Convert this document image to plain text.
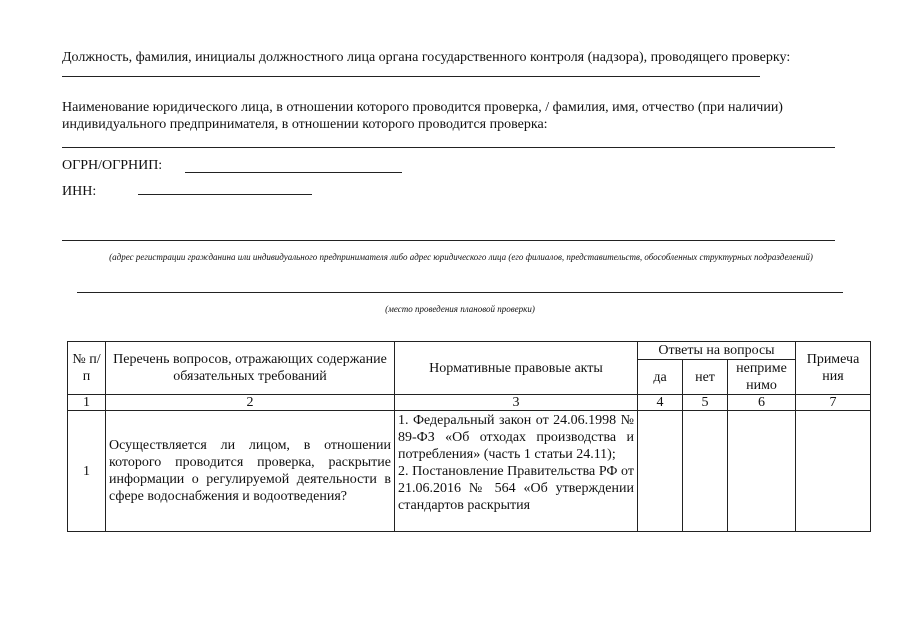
Должность, фамилия, инициалы должностного лица органа государственного контроля (надзора), проводящего проверку:
Наименование юридического лица, в отношении которого проводится проверка, / фамилия, имя, отчество (при наличии) индивидуального предпринимателя, в отношении которого проводится проверка:
ОГРН/ОГРНИП:
ИНН:
(адрес регистрации гражданина или индивидуального предпринимателя либо адрес юридического лица (его филиалов, представительств, обособленных структурных подразделений)
(место проведения плановой проверки)
№ п/п	Перечень вопросов, отражающих содержание обязательных требований	Нормативные правовые акты	Ответы на вопросы			Примеча ния
			да	нет	неприме нимо	
1	2	3	4	5	6	7
1	Осуществляется ли лицом, в отношении которого проводится проверка, раскрытие информации о регулируемой деятельности в сфере водоснабжения и водоотведения?	1. Федеральный закон от 24.06.1998 № 89-ФЗ «Об отходах производства и потребления» (часть 1 статьи 24.11);
2. Постановление Правительства РФ от 21.06.2016 № 564 «Об утверждении стандартов раскрытия				
